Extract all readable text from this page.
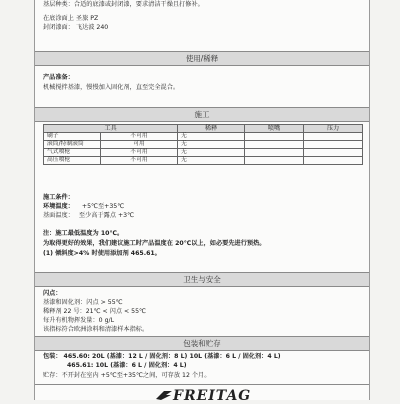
基层种类：合适的底漆或封闭漆，要求清洁干燥且打修补。
在底涂面上 圣旅 PZ
封闭漆面： 飞达波 240
使用/稀释
产品准备：
机械搅拌基漆，慢慢加入固化剂，直至完全混合。
施工
工具		稀释	喷嘴	压力
刷子	不可用	无		
滚筒/特制滚筒	可用	无		
气式喷枪	不可用	无		
高压喷枪	不可用	无		
施工条件：
环境温度： +5℃至+35℃
基面温度： 至少高于露点 +3℃
注：施工最低温度为 10℃。
为取得更好的效果，我们建议施工时产品温度在 20℃以上，如必要先进行预热。
(1) 倾斜度>4% 时使用添加剂 465.61。
卫生与安全
闪点：
基漆和固化剂：闪点 > 55℃
稀释剂 22 号：21℃ < 闪点 < 55℃
每升有机物挥发量：0 g/L
该指标符合欧洲涂料和清漆样本指标。
包装和贮存
包装： 465.60: 20L (基漆：12 L / 固化剂：8 L) 10L (基漆：6 L / 固化剂：4 L)
465.61: 10L (基漆：6 L / 固化剂：4 L)
贮存：不开封在室内 +5℃至+35℃之间，可存放 12 个月。
FREITAG
